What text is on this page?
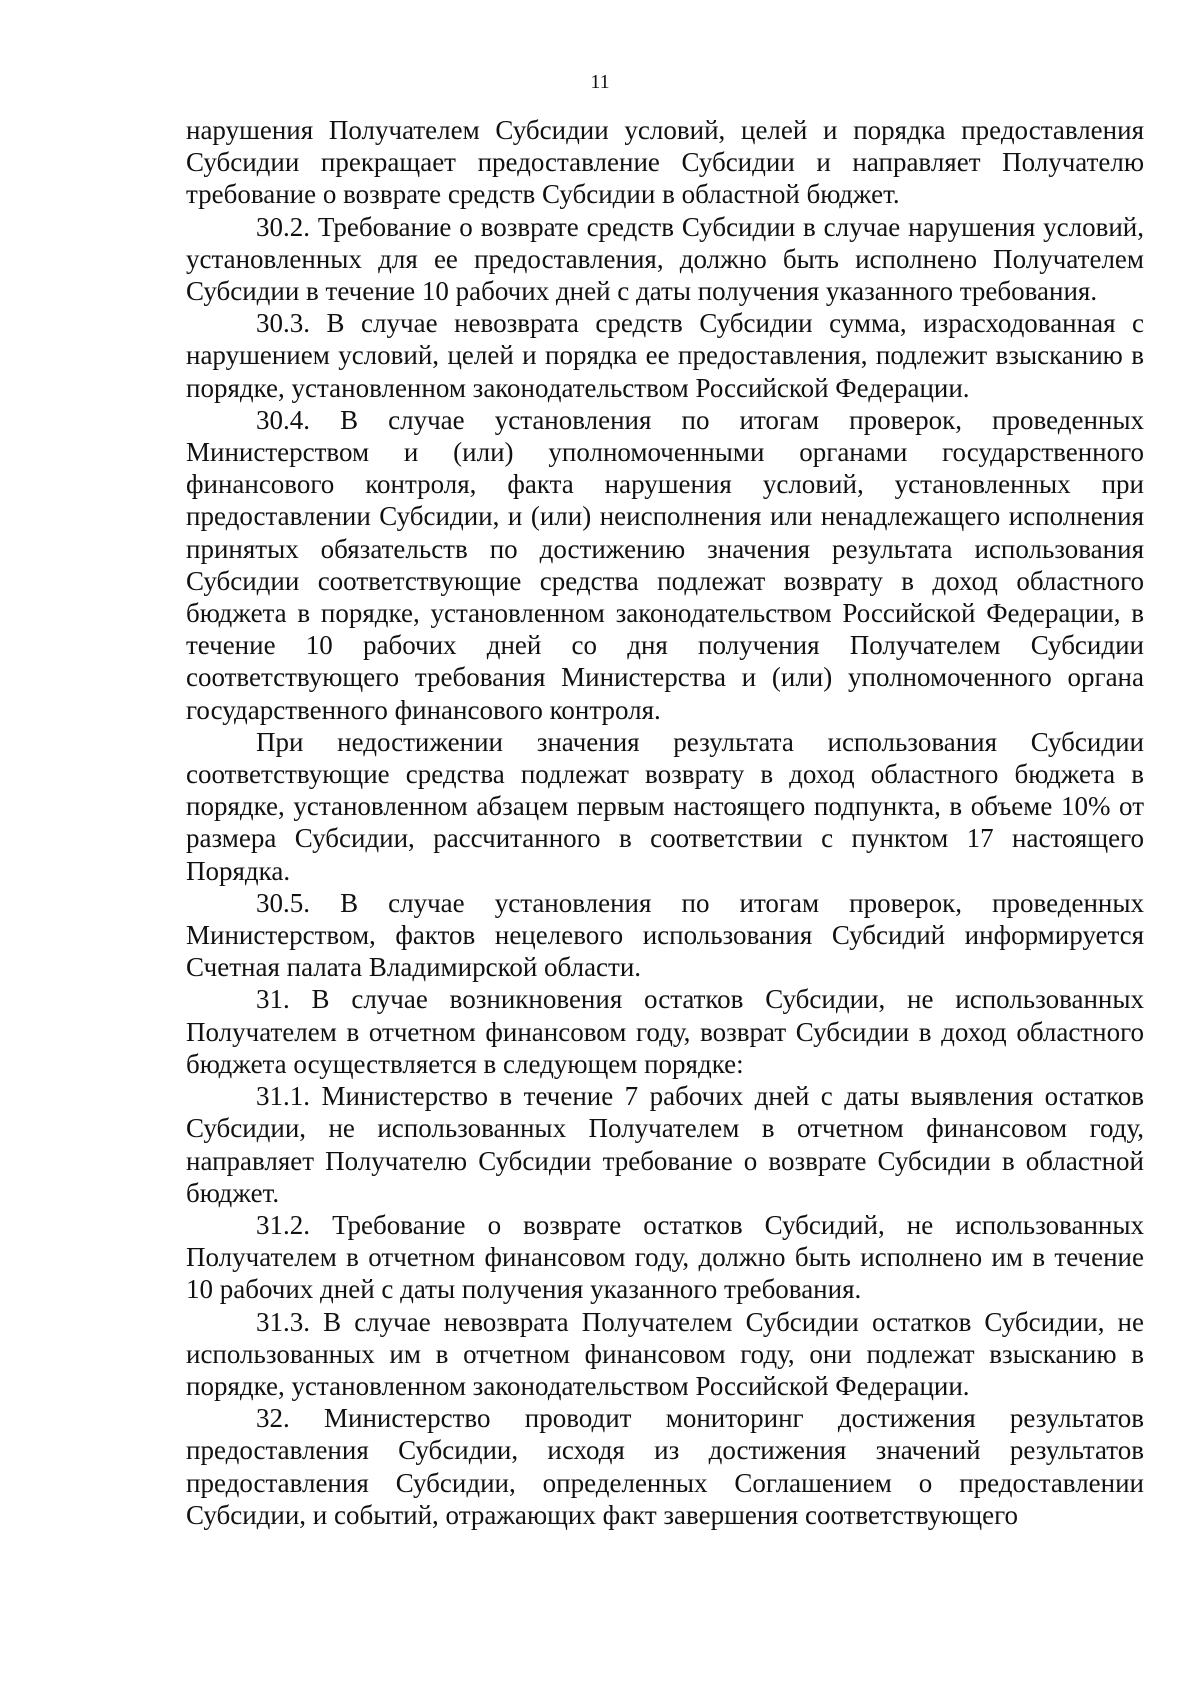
11

нарушения Получателем Субсидии условий, целей и порядка предоставления Субсидии прекращает предоставление Субсидии и направляет Получателю требование о возврате средств Субсидии в областной бюджет.

30.2. Требование о возврате средств Субсидии в случае нарушения условий, установленных для ее предоставления, должно быть исполнено Получателем Субсидии в течение 10 рабочих дней с даты получения указанного требования.

30.3. В случае невозврата средств Субсидии сумма, израсходованная с нарушением условий, целей и порядка ее предоставления, подлежит взысканию в порядке, установленном законодательством Российской Федерации.

30.4. В случае установления по итогам проверок, проведенных Министерством и (или) уполномоченными органами государственного финансового контроля, факта нарушения условий, установленных при предоставлении Субсидии, и (или) неисполнения или ненадлежащего исполнения принятых обязательств по достижению значения результата использования Субсидии соответствующие средства подлежат возврату в доход областного бюджета в порядке, установленном законодательством Российской Федерации, в течение 10 рабочих дней со дня получения Получателем Субсидии соответствующего требования Министерства и (или) уполномоченного органа государственного финансового контроля.

При недостижении значения результата использования Субсидии соответствующие средства подлежат возврату в доход областного бюджета в порядке, установленном абзацем первым настоящего подпункта, в объеме 10% от размера Субсидии, рассчитанного в соответствии с пунктом 17 настоящего Порядка.

30.5. В случае установления по итогам проверок, проведенных Министерством, фактов нецелевого использования Субсидий информируется Счетная палата Владимирской области.

31. В случае возникновения остатков Субсидии, не использованных Получателем в отчетном финансовом году, возврат Субсидии в доход областного бюджета осуществляется в следующем порядке:

31.1. Министерство в течение 7 рабочих дней с даты выявления остатков Субсидии, не использованных Получателем в отчетном финансовом году, направляет Получателю Субсидии требование о возврате Субсидии в областной бюджет.

31.2. Требование о возврате остатков Субсидий, не использованных Получателем в отчетном финансовом году, должно быть исполнено им в течение 10 рабочих дней с даты получения указанного требования.

31.3. В случае невозврата Получателем Субсидии остатков Субсидии, не использованных им в отчетном финансовом году, они подлежат взысканию в порядке, установленном законодательством Российской Федерации.

32. Министерство проводит мониторинг достижения результатов предоставления Субсидии, исходя из достижения значений результатов предоставления Субсидии, определенных Соглашением о предоставлении Субсидии, и событий, отражающих факт завершения соответствующего
